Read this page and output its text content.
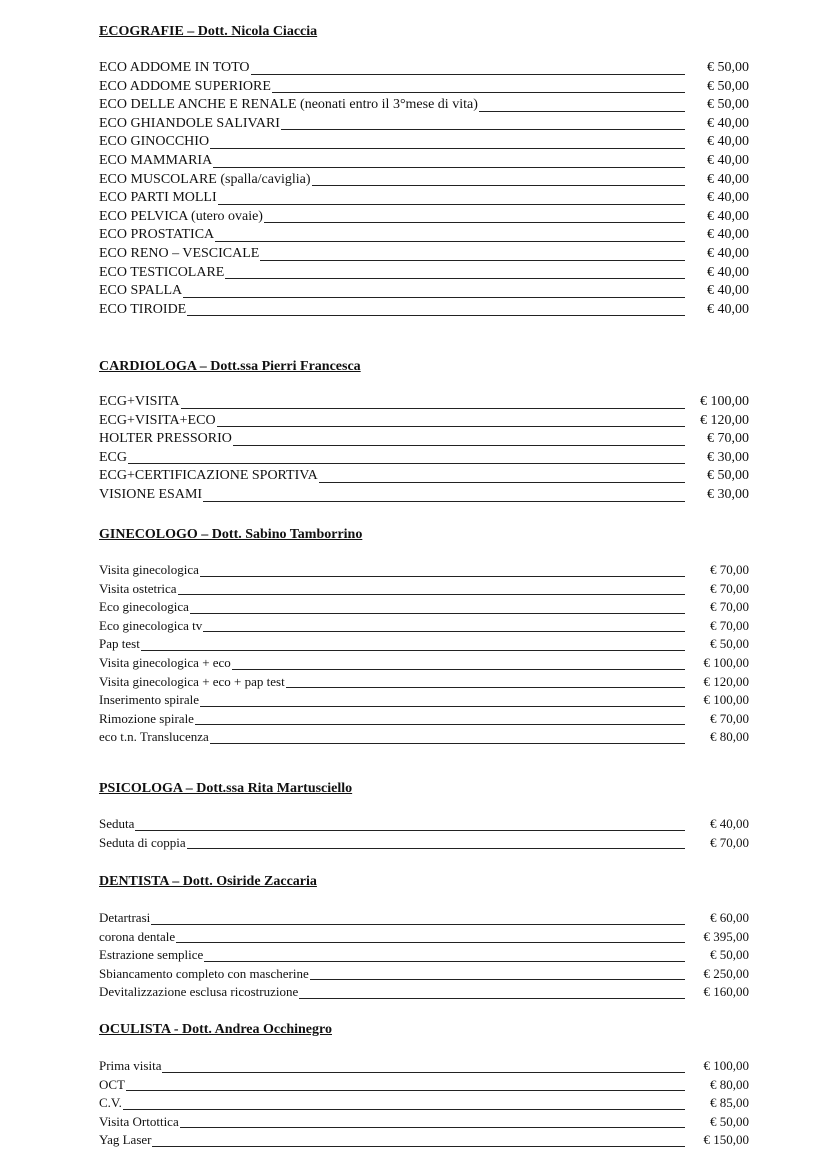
ECOGRAFIE – Dott. Nicola Ciaccia
ECO ADDOME IN TOTO	€ 50,00
ECO ADDOME SUPERIORE	€ 50,00
ECO DELLE ANCHE E RENALE (neonati entro il 3°mese di vita)	€ 50,00
ECO GHIANDOLE SALIVARI	€ 40,00
ECO GINOCCHIO	€ 40,00
ECO MAMMARIA	€ 40,00
ECO MUSCOLARE (spalla/caviglia)	€ 40,00
ECO PARTI MOLLI	€ 40,00
ECO PELVICA (utero ovaie)	€ 40,00
ECO PROSTATICA	€ 40,00
ECO RENO – VESCICALE	€ 40,00
ECO TESTICOLARE	€ 40,00
ECO SPALLA	€ 40,00
ECO TIROIDE	€ 40,00
CARDIOLOGA – Dott.ssa Pierri Francesca
ECG+VISITA	€ 100,00
ECG+VISITA+ECO	€ 120,00
HOLTER PRESSORIO	€ 70,00
ECG	€ 30,00
ECG+CERTIFICAZIONE SPORTIVA	€ 50,00
VISIONE ESAMI	€ 30,00
GINECOLOGO – Dott. Sabino Tamborrino
Visita ginecologica	€ 70,00
Visita ostetrica	€ 70,00
Eco ginecologica	€ 70,00
Eco ginecologica tv	€ 70,00
Pap test	€ 50,00
Visita ginecologica + eco	€ 100,00
Visita ginecologica + eco + pap test	€ 120,00
Inserimento spirale	€ 100,00
Rimozione spirale	€ 70,00
eco t.n. Translucenza	€ 80,00
PSICOLOGA – Dott.ssa Rita Martusciello
Seduta	€ 40,00
Seduta di coppia	€ 70,00
DENTISTA – Dott. Osiride Zaccaria
Detartrasi	€ 60,00
corona dentale	€ 395,00
Estrazione semplice	€ 50,00
Sbiancamento completo con mascherine	€ 250,00
Devitalizzazione esclusa ricostruzione	€ 160,00
OCULISTA - Dott. Andrea Occhinegro
Prima visita	€ 100,00
OCT	€ 80,00
C.V.	€ 85,00
Visita Ortottica	€ 50,00
Yag Laser	€ 150,00
